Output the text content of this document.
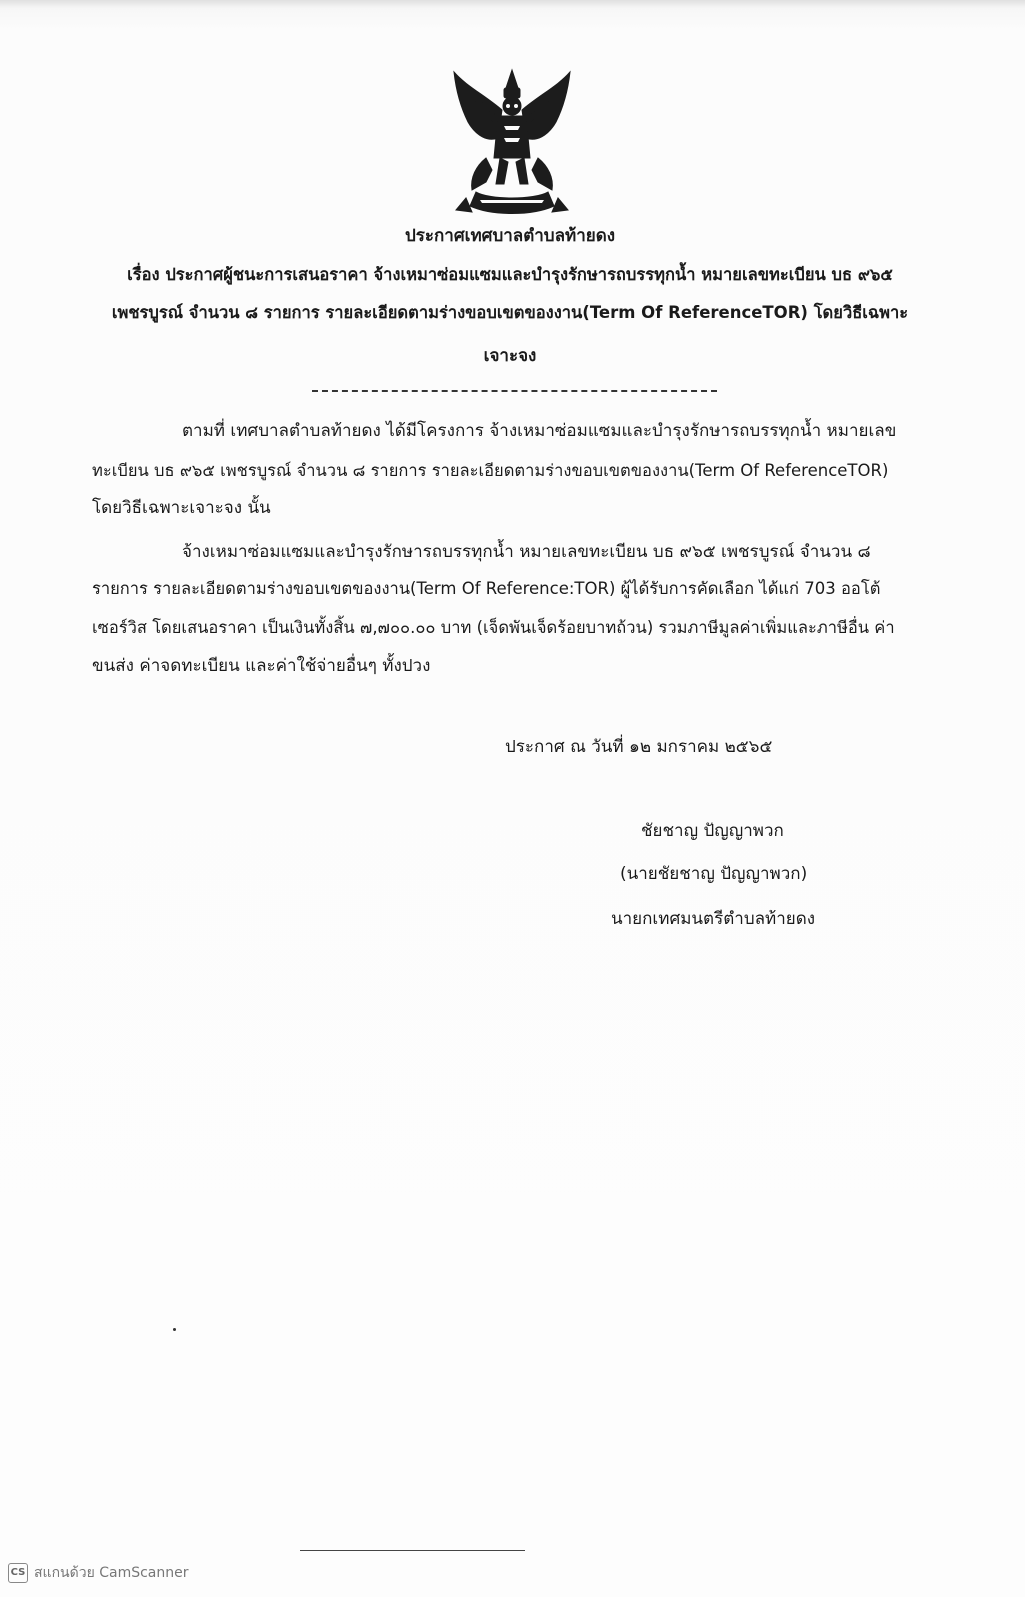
ประกาศเทศบาลตำบลท้ายดง
เรื่อง ประกาศผู้ชนะการเสนอราคา จ้างเหมาซ่อมแซมและบำรุงรักษารถบรรทุกน้ำ หมายเลขทะเบียน บธ ๙๖๕
เพชรบูรณ์ จำนวน ๘ รายการ รายละเอียดตามร่างขอบเขตของงาน(Term Of ReferenceTOR) โดยวิธีเฉพาะ
เจาะจง
ตามที่ เทศบาลตำบลท้ายดง ได้มีโครงการ จ้างเหมาซ่อมแซมและบำรุงรักษารถบรรทุกน้ำ หมายเลข
ทะเบียน บธ ๙๖๕ เพชรบูรณ์ จำนวน ๘ รายการ รายละเอียดตามร่างขอบเขตของงาน(Term Of ReferenceTOR)
โดยวิธีเฉพาะเจาะจง นั้น
จ้างเหมาซ่อมแซมและบำรุงรักษารถบรรทุกน้ำ หมายเลขทะเบียน บธ ๙๖๕ เพชรบูรณ์ จำนวน ๘
รายการ รายละเอียดตามร่างขอบเขตของงาน(Term Of Reference:TOR) ผู้ได้รับการคัดเลือก ได้แก่ 703 ออโต้
เซอร์วิส โดยเสนอราคา เป็นเงินทั้งสิ้น ๗,๗๐๐.๐๐ บาท (เจ็ดพันเจ็ดร้อยบาทถ้วน) รวมภาษีมูลค่าเพิ่มและภาษีอื่น ค่า
ขนส่ง ค่าจดทะเบียน และค่าใช้จ่ายอื่นๆ ทั้งปวง
ประกาศ ณ วันที่ ๑๒ มกราคม ๒๕๖๕
ชัยชาญ ปัญญาพวก
(นายชัยชาญ ปัญญาพวก)
นายกเทศมนตรีตำบลท้ายดง
CS สแกนด้วย CamScanner
